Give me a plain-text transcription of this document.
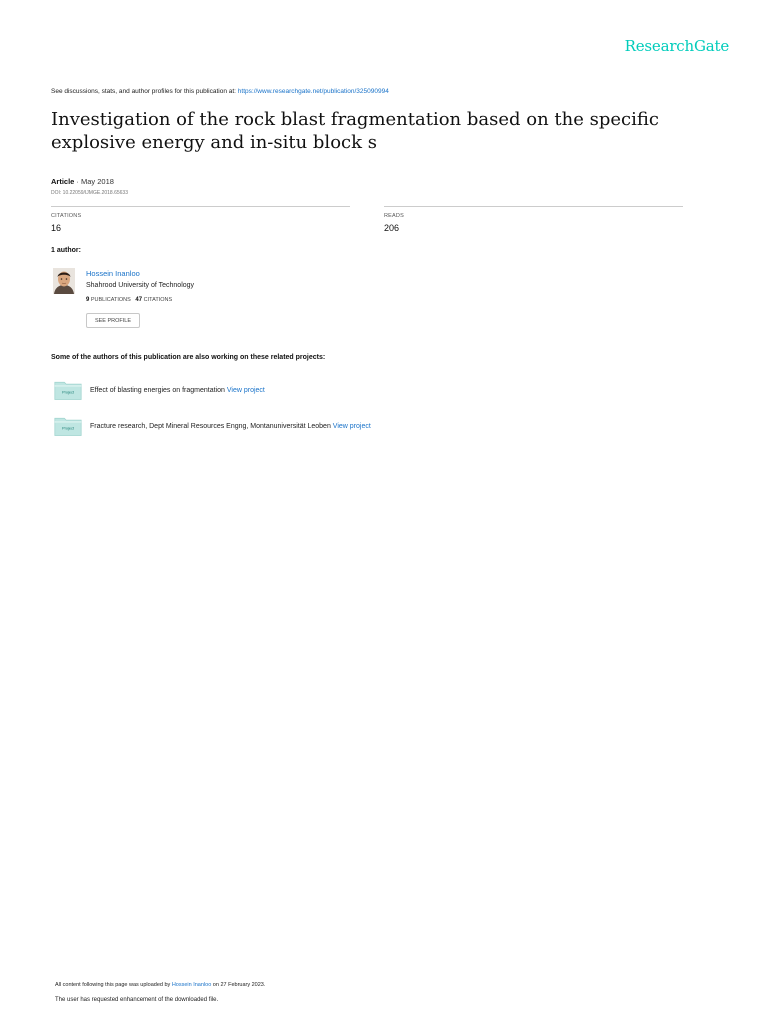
ResearchGate
See discussions, stats, and author profiles for this publication at: https://www.researchgate.net/publication/325090994
Investigation of the rock blast fragmentation based on the specific explosive energy and in-situ block s
Article · May 2018
DOI: 10.22059/IJMGE.2018.65633
CITATIONS
16
READS
206
1 author:
Hossein Inanloo
Shahrood University of Technology
9 PUBLICATIONS 47 CITATIONS
SEE PROFILE
Some of the authors of this publication are also working on these related projects:
Project Effect of blasting energies on fragmentation View project
Project Fracture research, Dept Mineral Resources Engng, Montanuniversität Leoben View project
All content following this page was uploaded by Hossein Inanloo on 27 February 2023.
The user has requested enhancement of the downloaded file.
